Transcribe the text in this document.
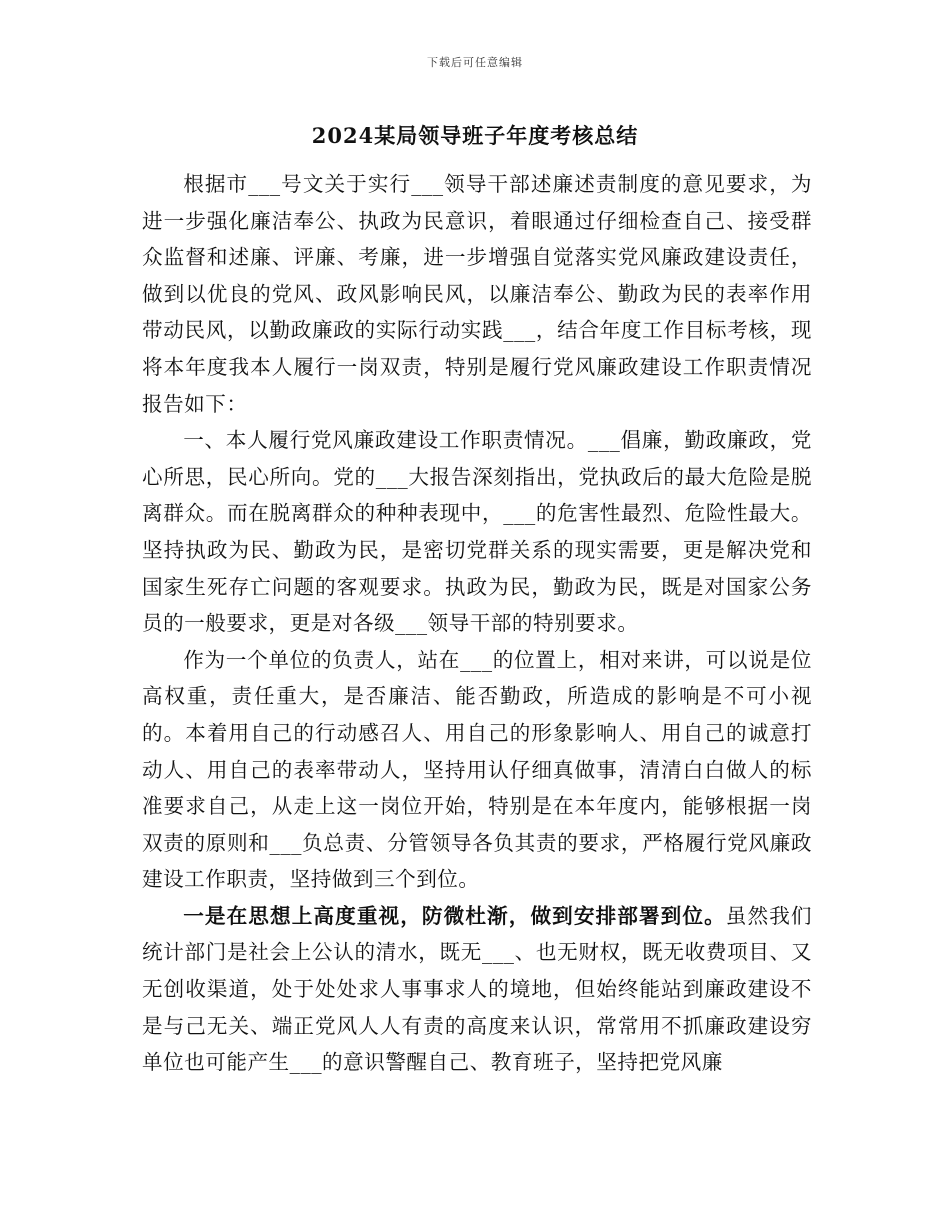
下载后可任意编辑
2024某局领导班子年度考核总结

根据市___号文关于实行___领导干部述廉述责制度的意见要求，为进一步强化廉洁奉公、执政为民意识，着眼通过仔细检查自己、接受群众监督和述廉、评廉、考廉，进一步增强自觉落实党风廉政建设责任，做到以优良的党风、政风影响民风，以廉洁奉公、勤政为民的表率作用带动民风，以勤政廉政的实际行动实践___，结合年度工作目标考核，现将本年度我本人履行一岗双责，特别是履行党风廉政建设工作职责情况报告如下：

一、本人履行党风廉政建设工作职责情况。___倡廉，勤政廉政，党心所思，民心所向。党的___大报告深刻指出，党执政后的最大危险是脱离群众。而在脱离群众的种种表现中，___的危害性最烈、危险性最大。坚持执政为民、勤政为民，是密切党群关系的现实需要，更是解决党和国家生死存亡问题的客观要求。执政为民，勤政为民，既是对国家公务员的一般要求，更是对各级___领导干部的特别要求。

作为一个单位的负责人，站在___的位置上，相对来讲，可以说是位高权重，责任重大，是否廉洁、能否勤政，所造成的影响是不可小视的。本着用自己的行动感召人、用自己的形象影响人、用自己的诚意打动人、用自己的表率带动人，坚持用认仔细真做事，清清白白做人的标准要求自己，从走上这一岗位开始，特别是在本年度内，能够根据一岗双责的原则和___负总责、分管领导各负其责的要求，严格履行党风廉政建设工作职责，坚持做到三个到位。

一是在思想上高度重视，防微杜渐，做到安排部署到位。虽然我们统计部门是社会上公认的清水，既无___、也无财权，既无收费项目、又无创收渠道，处于处处求人事事求人的境地，但始终能站到廉政建设不是与己无关、端正党风人人有责的高度来认识，常常用不抓廉政建设穷单位也可能产生___的意识警醒自己、教育班子，坚持把党风廉
